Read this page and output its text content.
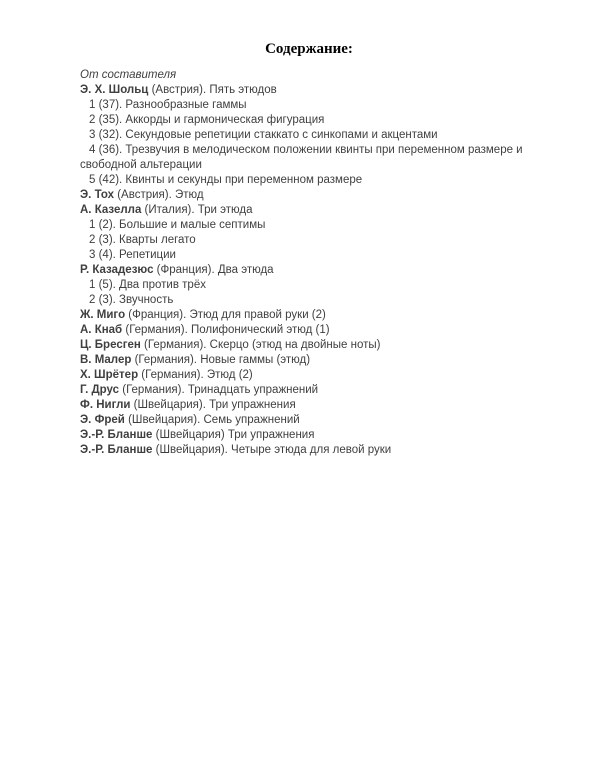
Содержание:

От составителя

Э. Х. Шольц (Австрия). Пять этюдов

1 (37). Разнообразные гаммы

2 (35). Аккорды и гармоническая фигурация

3 (32). Секундовые репетиции стаккато с синкопами и акцентами

4 (36). Трезвучия в мелодическом положении квинты при переменном размере и свободной альтерации

5 (42). Квинты и секунды при переменном размере

Э. Тох (Австрия). Этюд

А. Казелла (Италия). Три этюда

1 (2). Большие и малые септимы

2 (3). Кварты легато

3 (4). Репетиции

Р. Казадезюс (Франция). Два этюда

1 (5). Два против трёх

2 (3). Звучность

Ж. Миго (Франция). Этюд для правой руки (2)

А. Кнаб (Германия). Полифонический этюд (1)

Ц. Бресген (Германия). Скерцо (этюд на двойные ноты)

В. Малер (Германия). Новые гаммы (этюд)

Х. Шрётер (Германия). Этюд (2)

Г. Друс (Германия). Тринадцать упражнений

Ф. Нигли (Швейцария). Три упражнения

Э. Фрей (Швейцария). Семь упражнений

Э.-Р. Бланше (Швейцария) Три упражнения

Э.-Р. Бланше (Швейцария). Четыре этюда для левой руки
